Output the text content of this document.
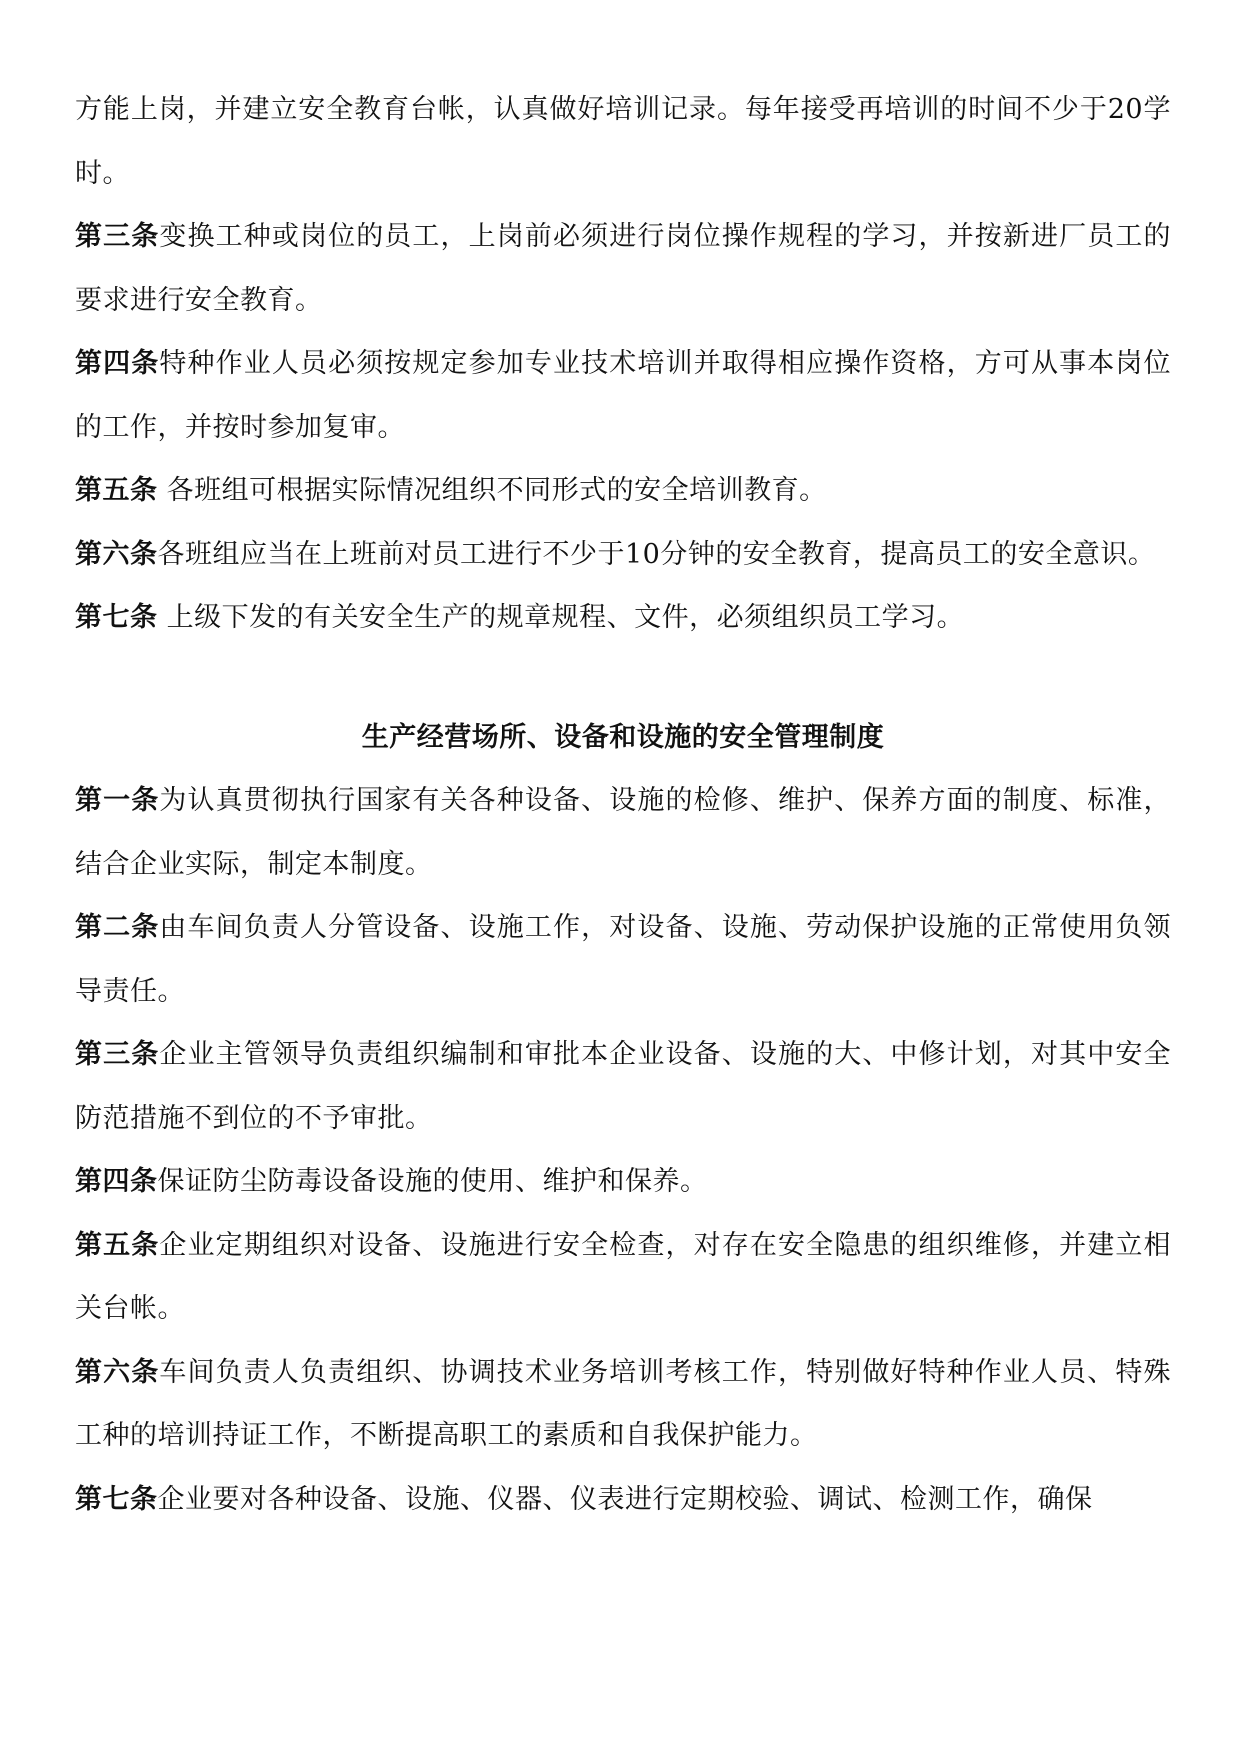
方能上岗，并建立安全教育台帐，认真做好培训记录。每年接受再培训的时间不少于20学时。

第三条变换工种或岗位的员工，上岗前必须进行岗位操作规程的学习，并按新进厂员工的要求进行安全教育。

第四条特种作业人员必须按规定参加专业技术培训并取得相应操作资格，方可从事本岗位的工作，并按时参加复审。

第五条 各班组可根据实际情况组织不同形式的安全培训教育。

第六条各班组应当在上班前对员工进行不少于10分钟的安全教育，提高员工的安全意识。

第七条 上级下发的有关安全生产的规章规程、文件，必须组织员工学习。

生产经营场所、设备和设施的安全管理制度

第一条为认真贯彻执行国家有关各种设备、设施的检修、维护、保养方面的制度、标准，结合企业实际，制定本制度。

第二条由车间负责人分管设备、设施工作，对设备、设施、劳动保护设施的正常使用负领导责任。

第三条企业主管领导负责组织编制和审批本企业设备、设施的大、中修计划，对其中安全防范措施不到位的不予审批。

第四条保证防尘防毒设备设施的使用、维护和保养。

第五条企业定期组织对设备、设施进行安全检查，对存在安全隐患的组织维修，并建立相关台帐。

第六条车间负责人负责组织、协调技术业务培训考核工作，特别做好特种作业人员、特殊工种的培训持证工作，不断提高职工的素质和自我保护能力。

第七条企业要对各种设备、设施、仪器、仪表进行定期校验、调试、检测工作，确保
